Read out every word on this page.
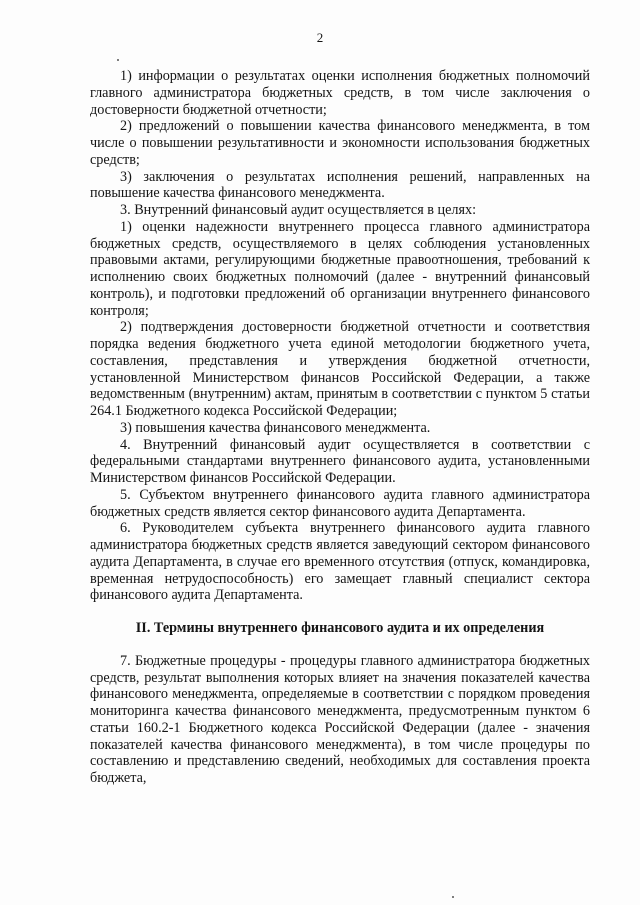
2

1) информации о результатах оценки исполнения бюджетных полномочий главного администратора бюджетных средств, в том числе заключения о достоверности бюджетной отчетности;

2) предложений о повышении качества финансового менеджмента, в том числе о повышении результативности и экономности использования бюджетных средств;

3) заключения о результатах исполнения решений, направленных на повышение качества финансового менеджмента.

3. Внутренний финансовый аудит осуществляется в целях:

1) оценки надежности внутреннего процесса главного администратора бюджетных средств, осуществляемого в целях соблюдения установленных правовыми актами, регулирующими бюджетные правоотношения, требований к исполнению своих бюджетных полномочий (далее - внутренний финансовый контроль), и подготовки предложений об организации внутреннего финансового контроля;

2) подтверждения достоверности бюджетной отчетности и соответствия порядка ведения бюджетного учета единой методологии бюджетного учета, составления, представления и утверждения бюджетной отчетности, установленной Министерством финансов Российской Федерации, а также ведомственным (внутренним) актам, принятым в соответствии с пунктом 5 статьи 264.1 Бюджетного кодекса Российской Федерации;

3) повышения качества финансового менеджмента.

4. Внутренний финансовый аудит осуществляется в соответствии с федеральными стандартами внутреннего финансового аудита, установленными Министерством финансов Российской Федерации.

5. Субъектом внутреннего финансового аудита главного администратора бюджетных средств является сектор финансового аудита Департамента.

6. Руководителем субъекта внутреннего финансового аудита главного администратора бюджетных средств является заведующий сектором финансового аудита Департамента, в случае его временного отсутствия (отпуск, командировка, временная нетрудоспособность) его замещает главный специалист сектора финансового аудита Департамента.

II. Термины внутреннего финансового аудита и их определения

7. Бюджетные процедуры - процедуры главного администратора бюджетных средств, результат выполнения которых влияет на значения показателей качества финансового менеджмента, определяемые в соответствии с порядком проведения мониторинга качества финансового менеджмента, предусмотренным пунктом 6 статьи 160.2-1 Бюджетного кодекса Российской Федерации (далее - значения показателей качества финансового менеджмента), в том числе процедуры по составлению и представлению сведений, необходимых для составления проекта бюджета,
